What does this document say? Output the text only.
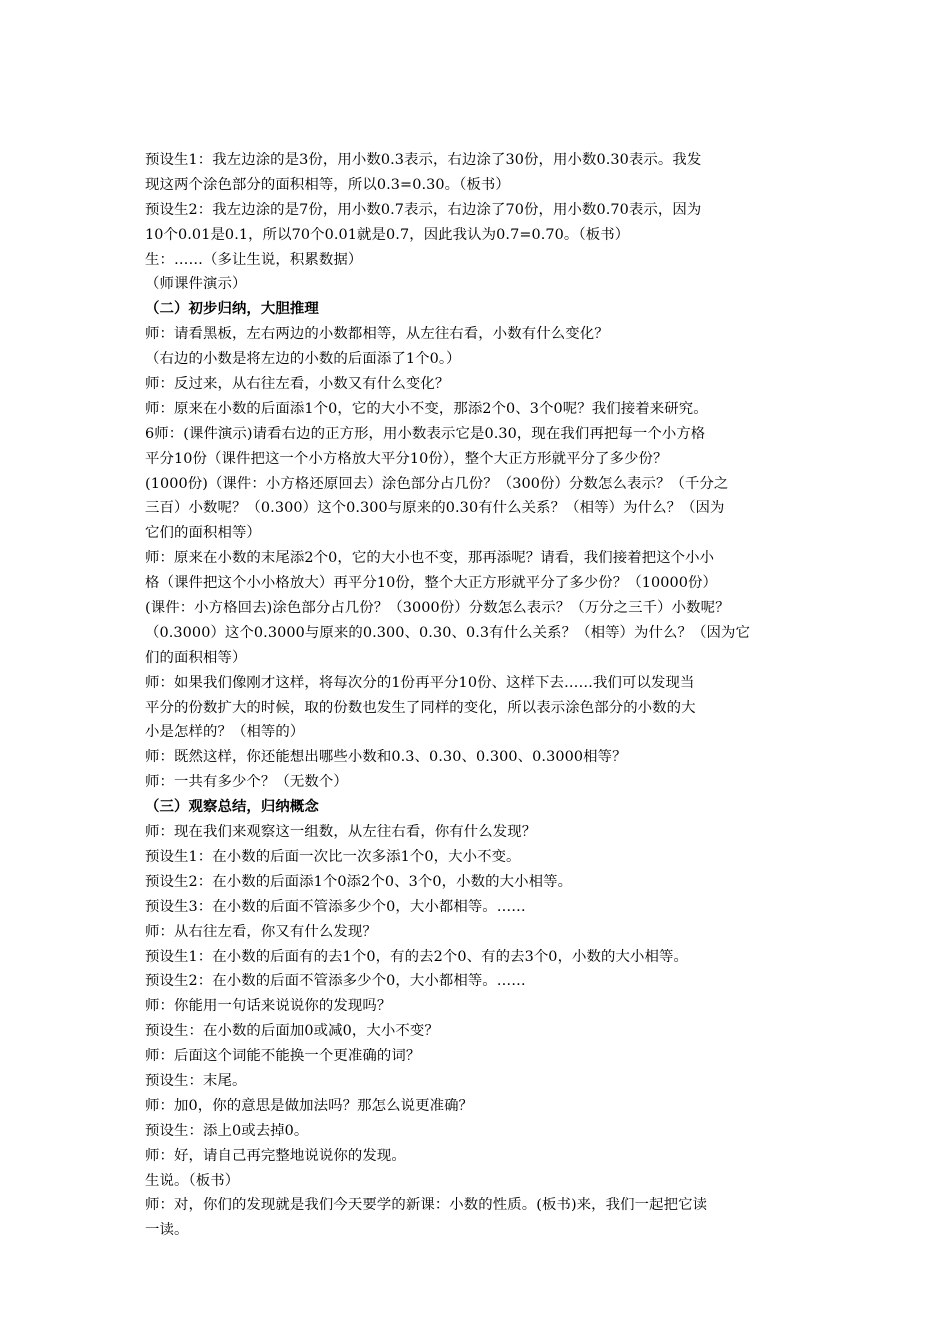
预设生1：我左边涂的是3份，用小数0.3表示，右边涂了30份，用小数0.30表示。我发
现这两个涂色部分的面积相等，所以0.3=0.30。（板书）
预设生2：我左边涂的是7份，用小数0.7表示，右边涂了70份，用小数0.70表示，因为
10个0.01是0.1，所以70个0.01就是0.7，因此我认为0.7=0.70。（板书）
生：……（多让生说，积累数据）
（师课件演示）
（二）初步归纳，大胆推理
师：请看黑板，左右两边的小数都相等，从左往右看，小数有什么变化？
（右边的小数是将左边的小数的后面添了1个0。）
师：反过来，从右往左看，小数又有什么变化？
师：原来在小数的后面添1个0，它的大小不变，那添2个0、3个0呢？我们接着来研究。
6师：(课件演示)请看右边的正方形，用小数表示它是0.30，现在我们再把每一个小方格
平分10份（课件把这一个小方格放大平分10份），整个大正方形就平分了多少份？
(1000份)（课件：小方格还原回去）涂色部分占几份？（300份）分数怎么表示？（千分之
三百）小数呢？（0.300）这个0.300与原来的0.30有什么关系？（相等）为什么？（因为
它们的面积相等）
师：原来在小数的末尾添2个0，它的大小也不变，那再添呢？请看，我们接着把这个小小
格（课件把这个小小格放大）再平分10份，整个大正方形就平分了多少份？（10000份）
(课件：小方格回去)涂色部分占几份？（3000份）分数怎么表示？（万分之三千）小数呢？
（0.3000）这个0.3000与原来的0.300、0.30、0.3有什么关系？（相等）为什么？（因为它
们的面积相等）
师：如果我们像刚才这样，将每次分的1份再平分10份、这样下去……我们可以发现当
平分的份数扩大的时候，取的份数也发生了同样的变化，所以表示涂色部分的小数的大
小是怎样的？（相等的）
师：既然这样，你还能想出哪些小数和0.3、0.30、0.300、0.3000相等？
师：一共有多少个？（无数个）
（三）观察总结，归纳概念
师：现在我们来观察这一组数，从左往右看，你有什么发现？
预设生1：在小数的后面一次比一次多添1个0，大小不变。
预设生2：在小数的后面添1个0添2个0、3个0，小数的大小相等。
预设生3：在小数的后面不管添多少个0，大小都相等。……
师：从右往左看，你又有什么发现？
预设生1：在小数的后面有的去1个0，有的去2个0、有的去3个0，小数的大小相等。
预设生2：在小数的后面不管添多少个0，大小都相等。……
师：你能用一句话来说说你的发现吗？
预设生：在小数的后面加0或减0，大小不变？
师：后面这个词能不能换一个更准确的词？
预设生：末尾。
师：加0，你的意思是做加法吗？那怎么说更准确？
预设生：添上0或去掉0。
师：好，请自己再完整地说说你的发现。
生说。（板书）
师：对，你们的发现就是我们今天要学的新课：小数的性质。(板书)来，我们一起把它读
一读。
